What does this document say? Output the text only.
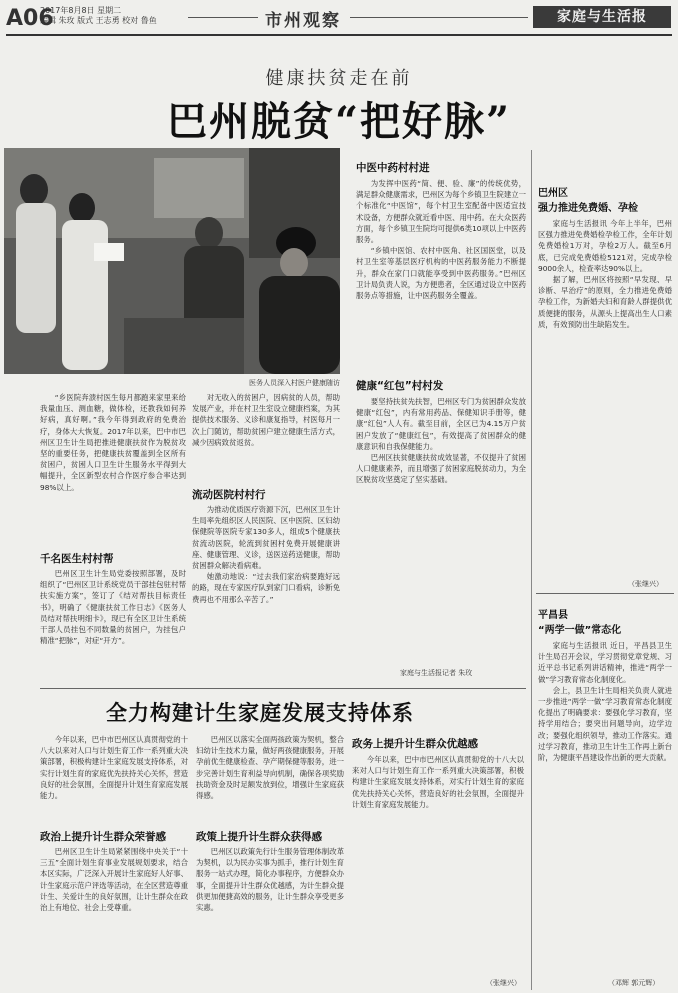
A06
2017年8月8日 星期二
编辑 朱玫 版式 王志勇 校对 鲁鱼	市州观察	家庭与生活报
健康扶贫走在前
巴州脱贫“把好脉”
医务人员深入村医户健康随访

“乡医院奔溃村医生每月都跑来家里来给我量血压、测血糖，做体检，还教我如何养好病，真好啊。”我今年得到政府的免费治疗，身体大大恢复。2017年以来，巴中市巴州区卫生计生局把推进健康扶贫作为脱贫攻坚的重要任务，把健康扶贫覆盖到全区所有贫困户，贫困人口卫生计生服务水平得到大幅提升，全区新型农村合作医疗参合率达到98%以上。

千名医生村村帮

巴州区卫生计生局党委按照部署，及时组织了“巴州区卫计系统党员干部挂包驻村帮扶实施方案”，签订了《结对帮扶目标责任书》，明确了《健康扶贫工作日志》《医务人员结对帮扶明细卡》，现已有全区卫计生系统干部人员挂包不同数量的贫困户，为挂包户精准“把脉”，对症“开方”。

对无收入的贫困户，因病贫的人员，帮助发展产业，并在村卫生室设立健康档案，为其提供技术服务、义诊和康复指导，村医每月一次上门随访，帮助贫困户建立健康生活方式，减少因病致贫返贫。

流动医院村村行

为推动优质医疗资源下沉，巴州区卫生计生局率先组织区人民医院、区中医院、区妇幼保健院等医院专家130多人，组成5个健康扶贫流动医院，轮流到贫困村免费开展健康讲座、健康管理、义诊，送医送药送健康，帮助贫困群众解决看病难。

她激动地说：“过去我们家治病要跑好远的路，现在专家医疗队到家门口看病，诊断免费再也不用那么辛苦了。”

中医中药村村进

为发挥中医药“简、便、验、廉”的传统优势，满足群众健康需求，巴州区为每个乡镇卫生院建立一个标准化“中医馆”，每个村卫生室配备中医适宜技术设备，方便群众就近看中医、用中药。在大众医药方面，每个乡镇卫生院均可提供6类10项以上中医药服务。

“乡镇中医馆、农村中医角、社区国医堂，以及村卫生室等基层医疗机构的中医药服务能力不断提升，群众在家门口就能享受到中医药服务。”巴州区卫计局负责人说，为方便患者，全区通过设立中医药服务点等措施，让中医药服务全覆盖。

健康“红包”村村发

要坚持扶贫先扶智，巴州区专门为贫困群众发放健康“红包”，内有常用药品、保健知识手册等，健康“红包”人人有。截至目前，全区已为4.15万户贫困户发放了“健康红包”，有效提高了贫困群众的健康意识和自我保健能力。

巴州区扶贫健康扶贫成效显著，不仅提升了贫困人口健康素养，而且增强了贫困家庭脱贫动力，为全区脱贫攻坚奠定了坚实基础。

家庭与生活报记者 朱玫
巴州区
强力推进免费婚、孕检

家庭与生活报讯 今年上半年，巴州区强力推进免费婚检孕检工作，全年计划免费婚检1万对，孕检2万人。截至6月底，已完成免费婚检5121对，完成孕检9000余人，检查率达90%以上。

据了解，巴州区将按照“早发现、早诊断、早治疗”的原则，全力推进免费婚孕检工作，为新婚夫妇和育龄人群提供优质便捷的服务，从源头上提高出生人口素质，有效预防出生缺陷发生。

（张继兴）
平昌县
“两学一做”常态化

家庭与生活报讯 近日，平昌县卫生计生局召开会议，学习贯彻党章党规、习近平总书记系列讲话精神，推进“两学一做”学习教育常态化制度化。

会上，县卫生计生局相关负责人就进一步推进“两学一做”学习教育常态化制度化提出了明确要求：要强化学习教育，坚持学用结合；要突出问题导向，边学边改；要强化组织领导，推动工作落实。通过学习教育，推动卫生计生工作再上新台阶，为健康平昌建设作出新的更大贡献。

（邓辉 郭元辉）
全力构建计生家庭发展支持体系

今年以来，巴中市巴州区认真贯彻党的十八大以来对人口与计划生育工作一系列重大决策部署，积极构建计生家庭发展支持体系，对实行计划生育的家庭优先扶持关心关怀，营造良好的社会氛围，全面提升计划生育家庭发展能力。

政治上提升计生群众荣誉感

巴州区卫生计生局紧紧围绕中央关于“十三五”全面计划生育事业发展规划要求，结合本区实际，广泛深入开展计生家庭好人好事、计生家庭示范户评选等活动，在全区营造尊重计生、关爱计生的良好氛围，让计生群众在政治上有地位、社会上受尊重。

巴州区以落实全面两孩政策为契机，整合妇幼计生技术力量，做好两孩健康服务，开展孕前优生健康检查、孕产期保健等服务，进一步完善计划生育利益导向机制，确保各项奖励扶助资金及时足额发放到位，增强计生家庭获得感。

政策上提升计生群众获得感

巴州区以政策先行计生服务管理体制改革为契机，以为民办实事为抓手，推行计划生育服务一站式办理，简化办事程序，方便群众办事，全面提升计生群众优越感，为计生群众提供更加便捷高效的服务，让计生群众享受更多实惠。

政务上提升计生群众优越感

今年以来，巴中市巴州区认真贯彻党的十八大以来对人口与计划生育工作一系列重大决策部署，积极构建计生家庭发展支持体系，对实行计划生育的家庭优先扶持关心关怀，营造良好的社会氛围，全面提升计划生育家庭发展能力。

（张继兴）
